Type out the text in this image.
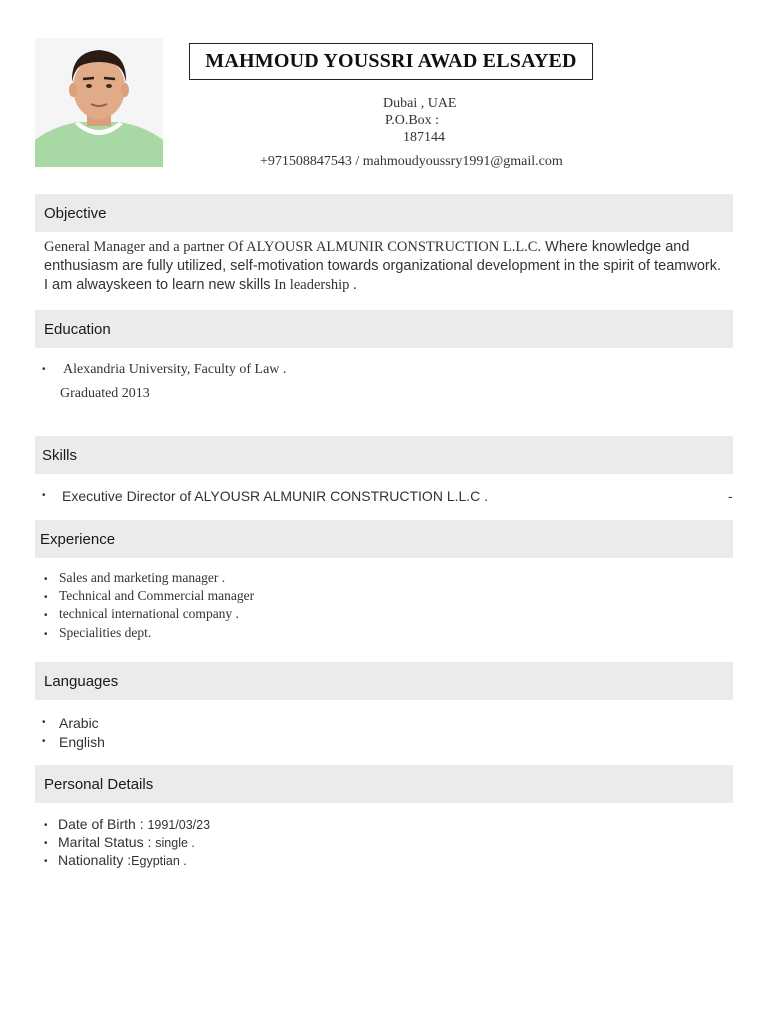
MAHMOUD YOUSSRI AWAD ELSAYED
Dubai , UAE
P.O.Box :
187144
+971508847543 / mahmoudyoussry1991@gmail.com
Objective
General Manager and a partner Of ALYOUSR ALMUNIR CONSTRUCTION L.L.C. Where knowledge and enthusiasm are fully utilized, self-motivation towards organizational development in the spirit of teamwork. I am alwayskeen to learn new skills In leadership .
Education
• Alexandria University, Faculty of Law .
Graduated 2013
Skills
• Executive Director of ALYOUSR ALMUNIR CONSTRUCTION L.L.C .	-
Experience
• Sales and marketing manager .
• Technical and Commercial manager
• technical international company .
• Specialities dept.
Languages
• Arabic
• English
Personal Details
• Date of Birth : 1991/03/23
• Marital Status : single .
• Nationality :Egyptian .
